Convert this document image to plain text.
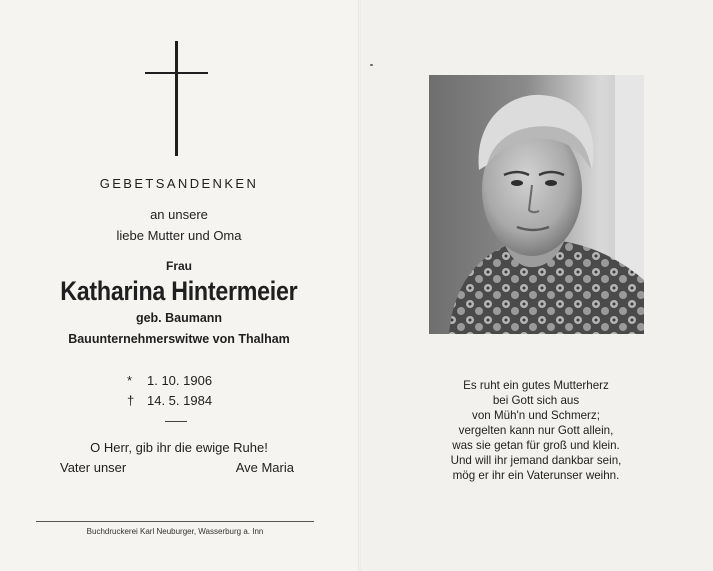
GEBETSANDENKEN
an unsere
liebe Mutter und Oma
Frau
Katharina Hintermeier
geb. Baumann
Bauunternehmerswitwe von Thalham
* 1. 10. 1906
† 14. 5. 1984
O Herr, gib ihr die ewige Ruhe!
Vater unser	Ave Maria
Buchdruckerei Karl Neuburger, Wasserburg a. Inn
Es ruht ein gutes Mutterherz
bei Gott sich aus
von Müh'n und Schmerz;
vergelten kann nur Gott allein,
was sie getan für groß und klein.
Und will ihr jemand dankbar sein,
mög er ihr ein Vaterunser weihn.
